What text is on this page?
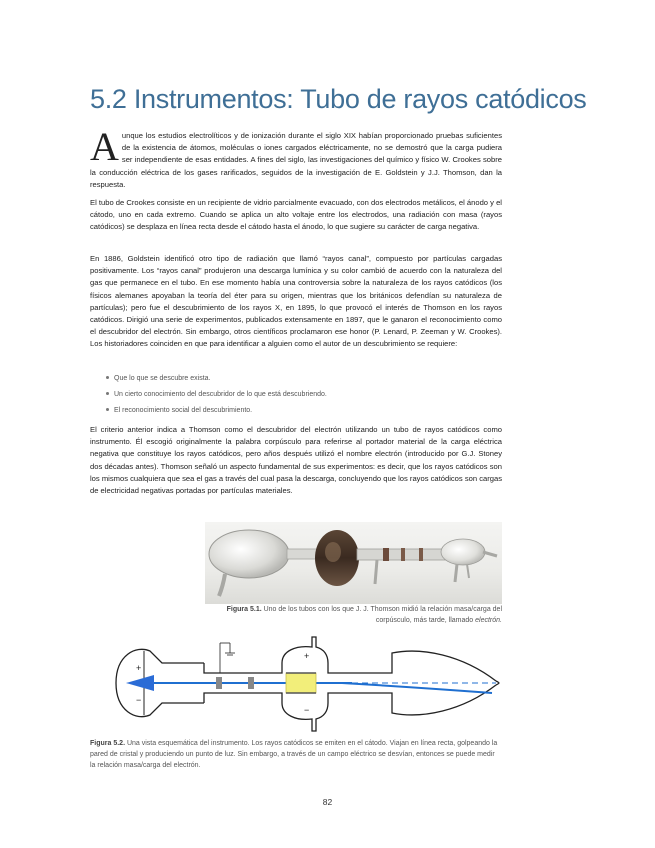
5.2 Instrumentos: Tubo de rayos catódicos

Aunque los estudios electrolíticos y de ionización durante el siglo XIX habían proporcionado pruebas suficientes de la existencia de átomos, moléculas o iones cargados eléctricamente, no se demostró que la carga pudiera ser independiente de esas entidades. A fines del siglo, las investigaciones del químico y físico W. Crookes sobre la conducción eléctrica de los gases rarificados, seguidos de la investigación de E. Goldstein y J.J. Thomson, dan la respuesta.

El tubo de Crookes consiste en un recipiente de vidrio parcialmente evacuado, con dos electrodos metálicos, el ánodo y el cátodo, uno en cada extremo. Cuando se aplica un alto voltaje entre los electrodos, una radiación con masa (rayos catódicos) se desplaza en línea recta desde el cátodo hasta el ánodo, lo que sugiere su carácter de carga negativa.

En 1886, Goldstein identificó otro tipo de radiación que llamó “rayos canal”, compuesto por partículas cargadas positivamente. Los “rayos canal” produjeron una descarga lumínica y su color cambió de acuerdo con la naturaleza del gas que permanece en el tubo. En ese momento había una controversia sobre la naturaleza de los rayos catódicos (los físicos alemanes apoyaban la teoría del éter para su origen, mientras que los británicos defendían su naturaleza de partículas); pero fue el descubrimiento de los rayos X, en 1895, lo que provocó el interés de Thomson en los rayos catódicos. Dirigió una serie de experimentos, publicados extensamente en 1897, que le ganaron el reconocimiento como el descubridor del electrón. Sin embargo, otros científicos proclamaron ese honor (P. Lenard, P. Zeeman y W. Crookes). Los historiadores coinciden en que para identificar a alguien como el autor de un descubrimiento se requiere:

Que lo que se descubre exista.
Un cierto conocimiento del descubridor de lo que está descubriendo.
El reconocimiento social del descubrimiento.

El criterio anterior indica a Thomson como el descubridor del electrón utilizando un tubo de rayos catódicos como instrumento. Él escogió originalmente la palabra corpúsculo para referirse al portador material de la carga eléctrica negativa que constituye los rayos catódicos, pero años después utilizó el nombre electrón (introducido por G.J. Stoney dos décadas antes). Thomson señaló un aspecto fundamental de sus experimentos: es decir, que los rayos catódicos son los mismos cualquiera que sea el gas a través del cual pasa la descarga, concluyendo que los rayos catódicos son cargas de electricidad negativas portadas por partículas materiales.

Figura 5.1. Uno de los tubos con los que J. J. Thomson midió la relación masa/carga del corpúsculo, más tarde, llamado electrón.

+
−
+
−

Figura 5.2. Una vista esquemática del instrumento. Los rayos catódicos se emiten en el cátodo. Viajan en línea recta, golpeando la pared de cristal y produciendo un punto de luz. Sin embargo, a través de un campo eléctrico se desvían, entonces se puede medir la relación masa/carga del electrón.

82
